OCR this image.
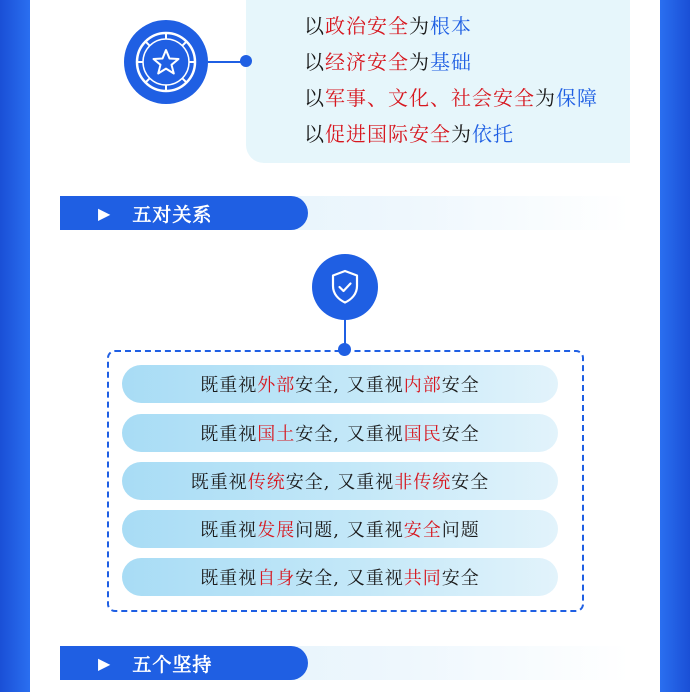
以政治安全为根本
以经济安全为基础
以军事、文化、社会安全为保障
以促进国际安全为依托
▶ 五对关系
既重视 外部 安全, 又重视 内部 安全
既重视 国土 安全, 又重视 国民 安全
既重视 传统 安全, 又重视 非传统 安全
既重视 发展 问题, 又重视 安全 问题
既重视 自身 安全, 又重视 共同 安全
▶ 五个坚持
